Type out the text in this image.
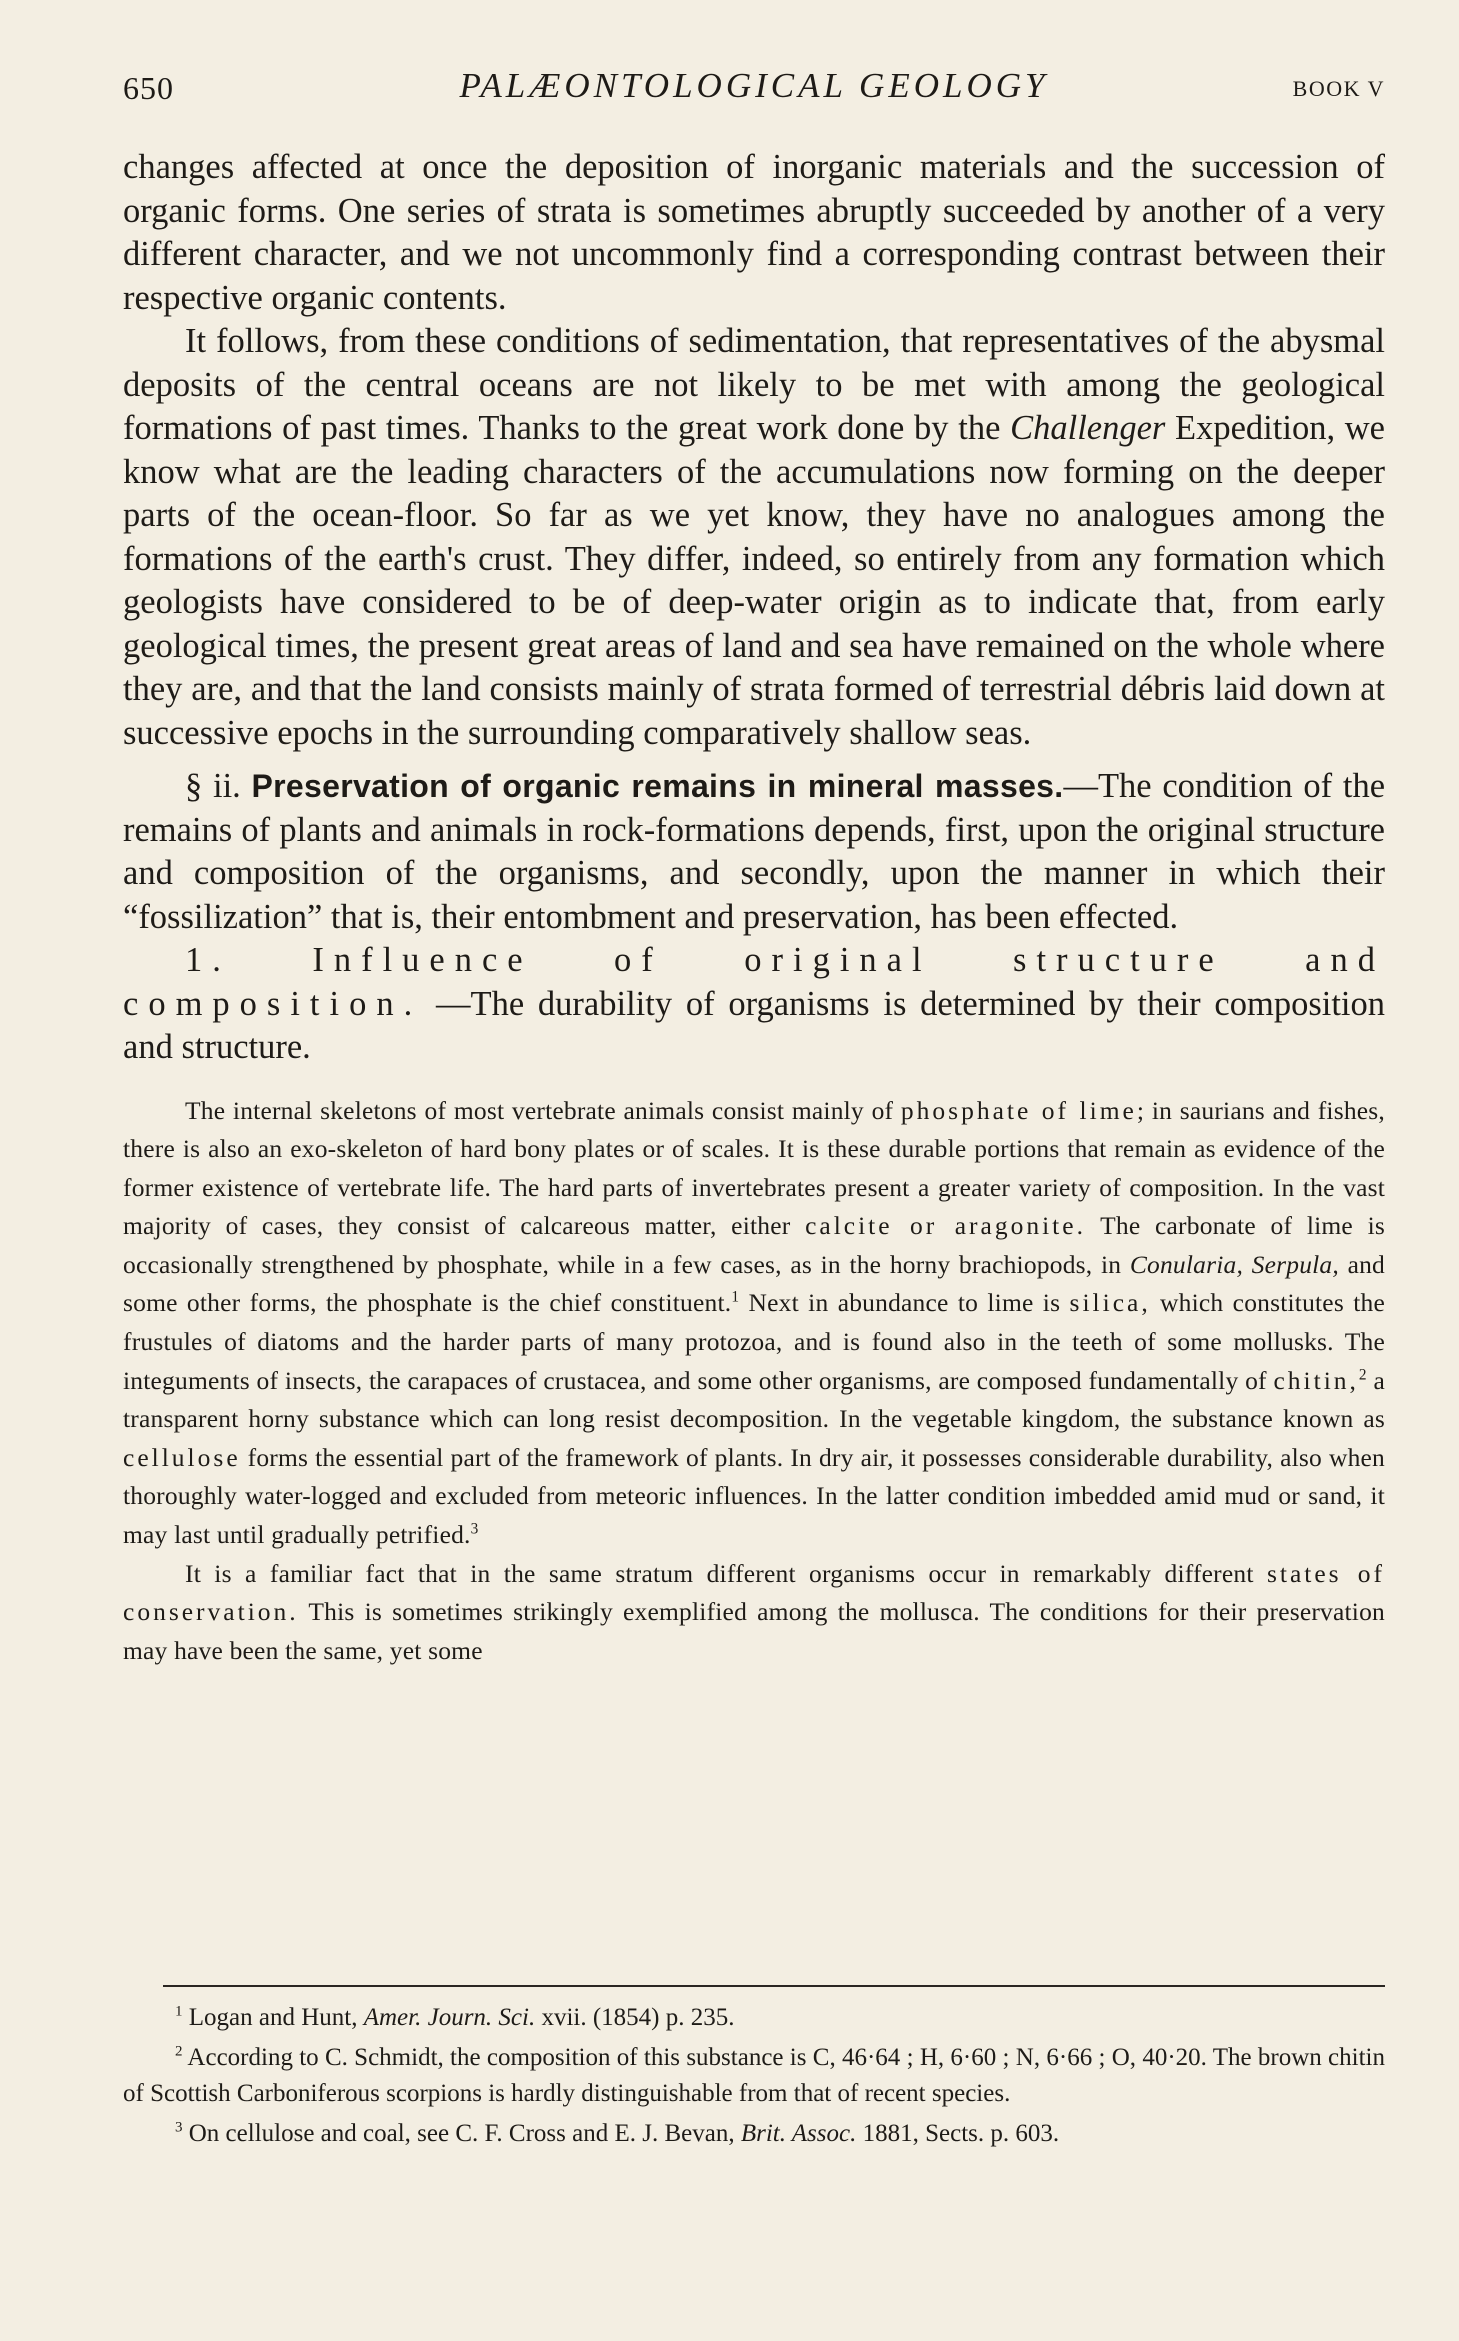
650	PALÆONTOLOGICAL GEOLOGY	BOOK V

changes affected at once the deposition of inorganic materials and the succession of organic forms. One series of strata is sometimes abruptly succeeded by another of a very different character, and we not uncommonly find a corresponding contrast between their respective organic contents.

It follows, from these conditions of sedimentation, that representatives of the abysmal deposits of the central oceans are not likely to be met with among the geological formations of past times. Thanks to the great work done by the Challenger Expedition, we know what are the leading characters of the accumulations now forming on the deeper parts of the ocean-floor. So far as we yet know, they have no analogues among the formations of the earth's crust. They differ, indeed, so entirely from any formation which geologists have considered to be of deep-water origin as to indicate that, from early geological times, the present great areas of land and sea have remained on the whole where they are, and that the land consists mainly of strata formed of terrestrial débris laid down at successive epochs in the surrounding comparatively shallow seas.

§ ii. Preservation of organic remains in mineral masses.—The condition of the remains of plants and animals in rock-formations depends, first, upon the original structure and composition of the organisms, and secondly, upon the manner in which their “fossilization” that is, their entombment and preservation, has been effected.

1. Influence of original structure and composition. —The durability of organisms is determined by their composition and structure.

The internal skeletons of most vertebrate animals consist mainly of phosphate of lime; in saurians and fishes, there is also an exo-skeleton of hard bony plates or of scales. It is these durable portions that remain as evidence of the former existence of vertebrate life. The hard parts of invertebrates present a greater variety of composition. In the vast majority of cases, they consist of calcareous matter, either calcite or aragonite. The carbonate of lime is occasionally strengthened by phosphate, while in a few cases, as in the horny brachiopods, in Conularia, Serpula, and some other forms, the phosphate is the chief constituent.$^1$ Next in abundance to lime is silica, which constitutes the frustules of diatoms and the harder parts of many protozoa, and is found also in the teeth of some mollusks. The integuments of insects, the carapaces of crustacea, and some other organisms, are composed fundamentally of chitin,$^2$ a transparent horny substance which can long resist decomposition. In the vegetable kingdom, the substance known as cellulose forms the essential part of the framework of plants. In dry air, it possesses considerable durability, also when thoroughly water-logged and excluded from meteoric influences. In the latter condition imbedded amid mud or sand, it may last until gradually petrified.$^3$

It is a familiar fact that in the same stratum different organisms occur in remarkably different states of conservation. This is sometimes strikingly exemplified among the mollusca. The conditions for their preservation may have been the same, yet some

$^1$ Logan and Hunt, Amer. Journ. Sci. xvii. (1854) p. 235.

$^2$ According to C. Schmidt, the composition of this substance is C, 46·64 ; H, 6·60 ; N, 6·66 ; O, 40·20. The brown chitin of Scottish Carboniferous scorpions is hardly distinguishable from that of recent species.

$^3$ On cellulose and coal, see C. F. Cross and E. J. Bevan, Brit. Assoc. 1881, Sects. p. 603.
